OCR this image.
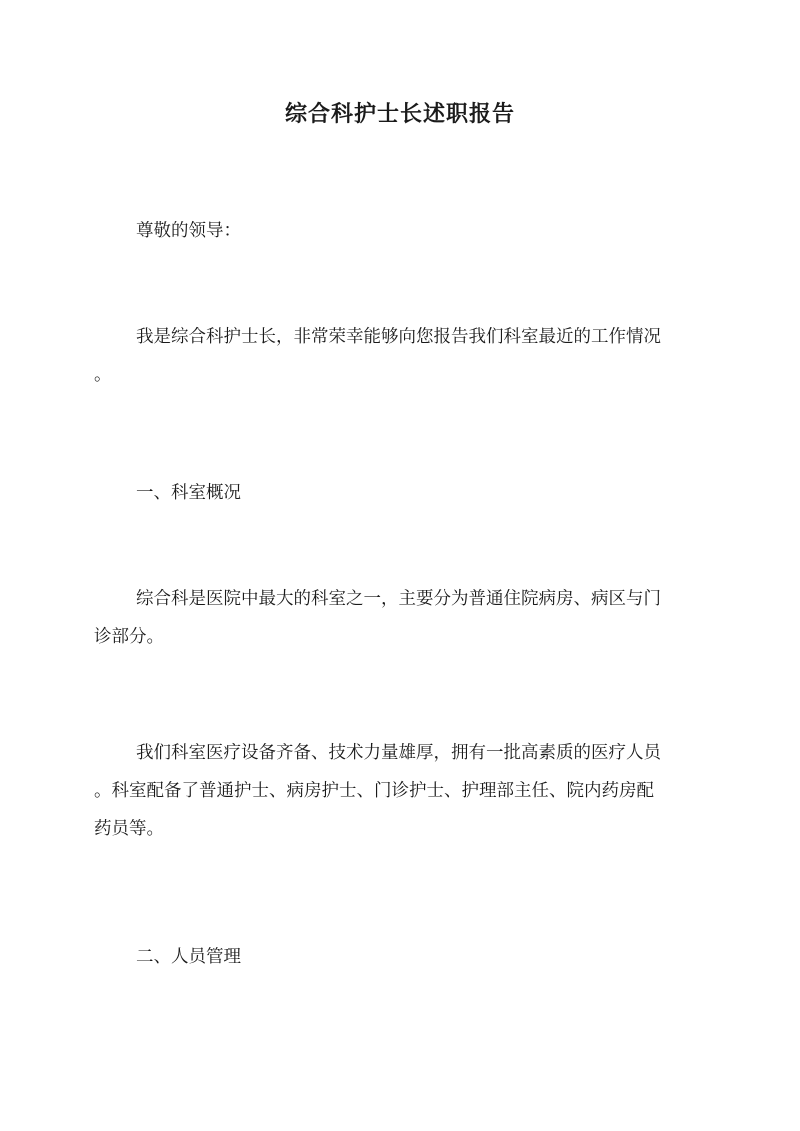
综合科护士长述职报告

尊敬的领导：

我是综合科护士长，非常荣幸能够向您报告我们科室最近的工作情况
。

一、科室概况

综合科是医院中最大的科室之一，主要分为普通住院病房、病区与门
诊部分。

我们科室医疗设备齐备、技术力量雄厚，拥有一批高素质的医疗人员
。科室配备了普通护士、病房护士、门诊护士、护理部主任、院内药房配
药员等。

二、人员管理
